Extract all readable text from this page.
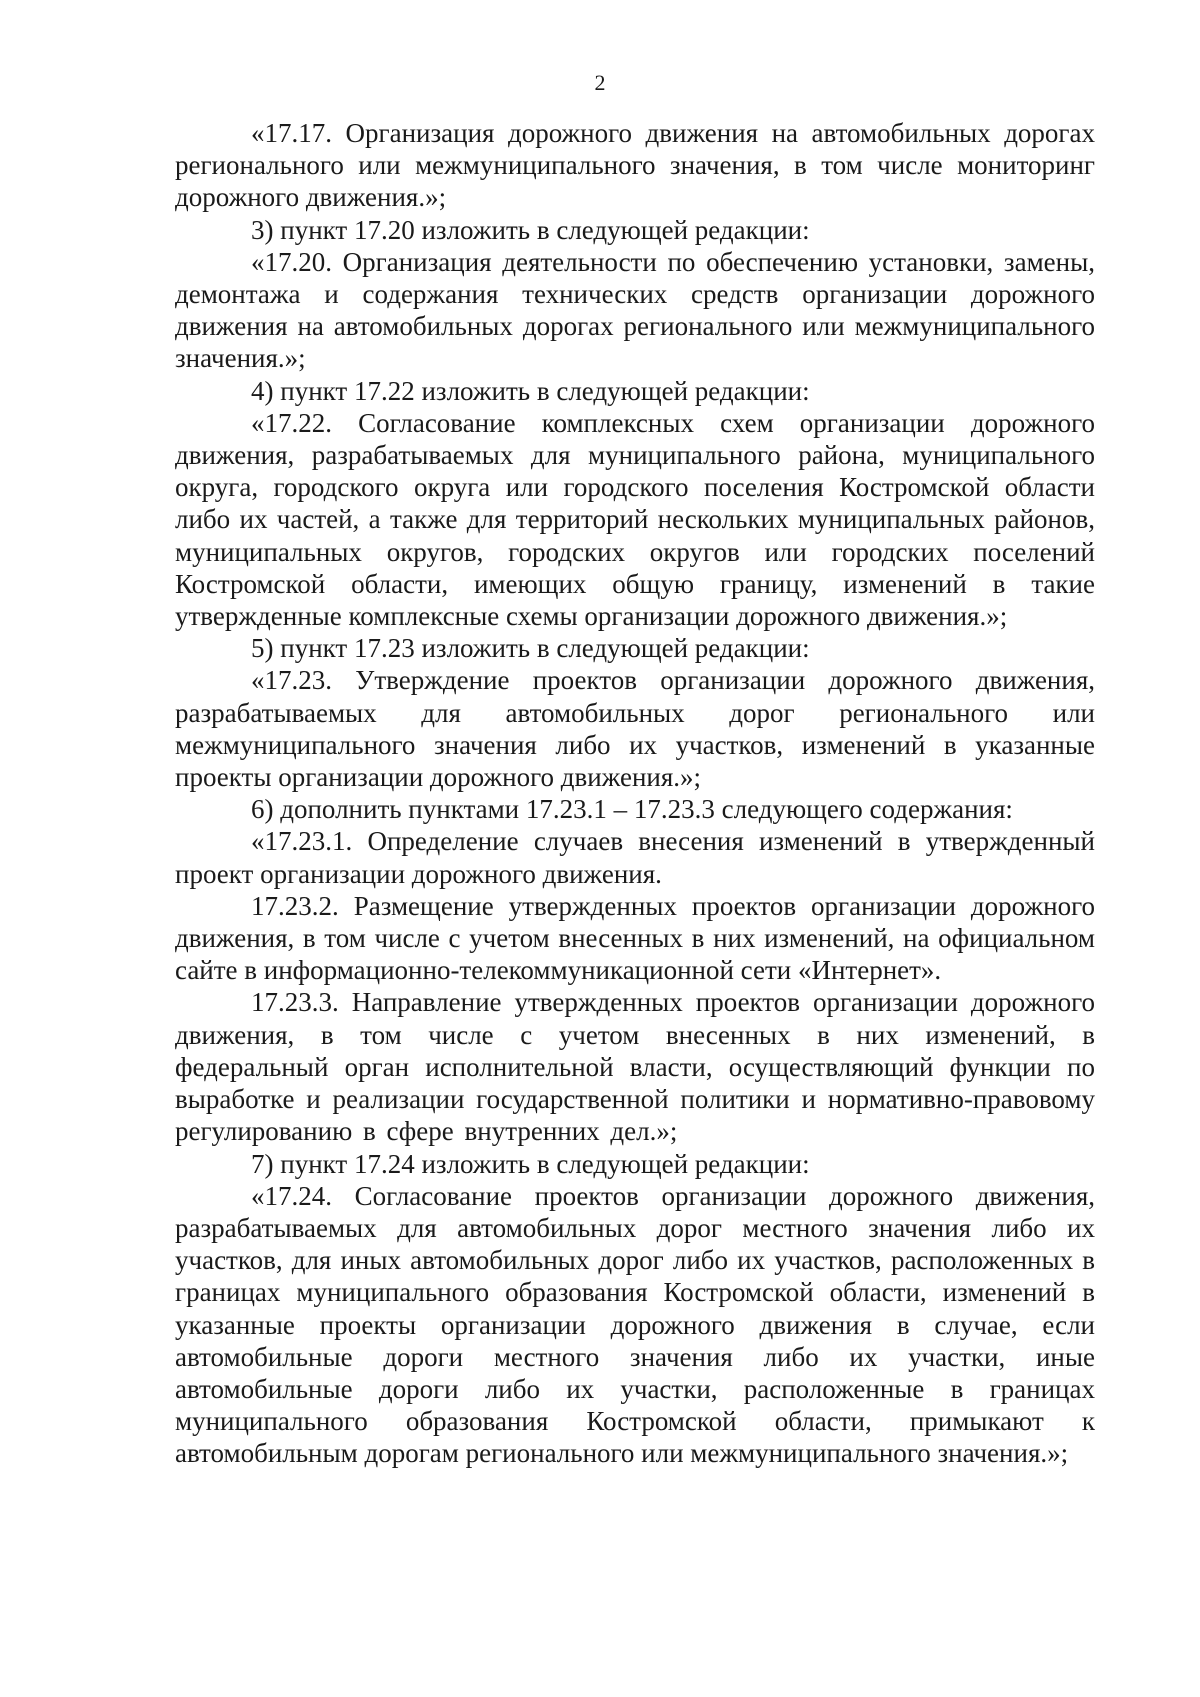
2

«17.17. Организация дорожного движения на автомобильных дорогах регионального или межмуниципального значения, в том числе мониторинг дорожного движения.»;

3) пункт 17.20 изложить в следующей редакции:

«17.20. Организация деятельности по обеспечению установки, замены, демонтажа и содержания технических средств организации дорожного движения на автомобильных дорогах регионального или межмуниципального значения.»;

4) пункт 17.22 изложить в следующей редакции:

«17.22. Согласование комплексных схем организации дорожного движения, разрабатываемых для муниципального района, муниципального округа, городского округа или городского поселения Костромской области либо их частей, а также для территорий нескольких муниципальных районов, муниципальных округов, городских округов или городских поселений Костромской области, имеющих общую границу, изменений в такие утвержденные комплексные схемы организации дорожного движения.»;

5) пункт 17.23 изложить в следующей редакции:

«17.23. Утверждение проектов организации дорожного движения, разрабатываемых для автомобильных дорог регионального или межмуниципального значения либо их участков, изменений в указанные проекты организации дорожного движения.»;

6) дополнить пунктами 17.23.1 – 17.23.3 следующего содержания:

«17.23.1. Определение случаев внесения изменений в утвержденный проект организации дорожного движения.

17.23.2. Размещение утвержденных проектов организации дорожного движения, в том числе с учетом внесенных в них изменений, на официальном сайте в информационно-телекоммуникационной сети «Интернет».

17.23.3. Направление утвержденных проектов организации дорожного движения, в том числе с учетом внесенных в них изменений, в федеральный орган исполнительной власти, осуществляющий функции по выработке и реализации государственной политики и нормативно-правовому регулированию в сфере внутренних дел.»;

7) пункт 17.24 изложить в следующей редакции:

«17.24. Согласование проектов организации дорожного движения, разрабатываемых для автомобильных дорог местного значения либо их участков, для иных автомобильных дорог либо их участков, расположенных в границах муниципального образования Костромской области, изменений в указанные проекты организации дорожного движения в случае, если автомобильные дороги местного значения либо их участки, иные автомобильные дороги либо их участки, расположенные в границах муниципального образования Костромской области, примыкают к автомобильным дорогам регионального или межмуниципального значения.»;
